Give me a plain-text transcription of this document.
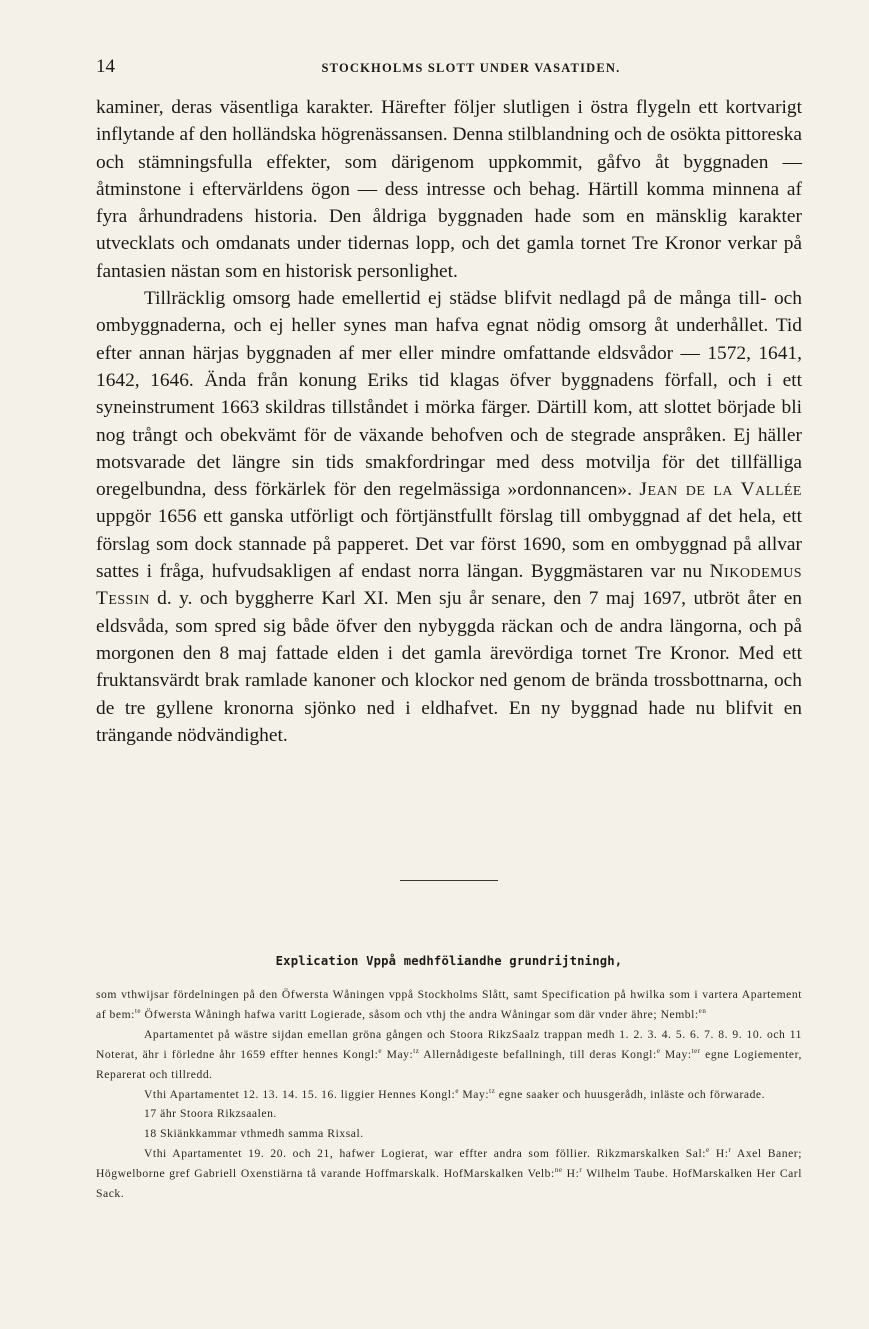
14	STOCKHOLMS SLOTT UNDER VASATIDEN.

kaminer, deras väsentliga karakter. Härefter följer slutligen i östra flygeln ett kortvarigt inflytande af den holländska högrenässansen. Denna stilblandning och de osökta pittoreska och stämningsfulla effekter, som därigenom uppkommit, gåfvo åt byggnaden — åtminstone i eftervärldens ögon — dess intresse och behag. Härtill komma minnena af fyra århundradens historia. Den åldriga byggnaden hade som en mänsklig karakter utvecklats och omdanats under tidernas lopp, och det gamla tornet Tre Kronor verkar på fantasien nästan som en historisk personlighet.

Tillräcklig omsorg hade emellertid ej städse blifvit nedlagd på de många till- och ombyggnaderna, och ej heller synes man hafva egnat nödig omsorg åt underhållet. Tid efter annan härjas byggnaden af mer eller mindre omfattande eldsvådor — 1572, 1641, 1642, 1646. Ända från konung Eriks tid klagas öfver byggnadens förfall, och i ett syneinstrument 1663 skildras tillståndet i mörka färger. Därtill kom, att slottet började bli nog trångt och obekvämt för de växande behofven och de stegrade anspråken. Ej häller motsvarade det längre sin tids smakfordringar med dess motvilja för det tillfälliga oregelbundna, dess förkärlek för den regelmässiga »ordonnancen». Jean de la Vallée uppgör 1656 ett ganska utförligt och förtjänstfullt förslag till ombyggnad af det hela, ett förslag som dock stannade på papperet. Det var först 1690, som en ombyggnad på allvar sattes i fråga, hufvudsakligen af endast norra längan. Byggmästaren var nu Nikodemus Tessin d. y. och byggherre Karl XI. Men sju år senare, den 7 maj 1697, utbröt åter en eldsvåda, som spred sig både öfver den nybyggda räckan och de andra längorna, och på morgonen den 8 maj fattade elden i det gamla ärevördiga tornet Tre Kronor. Med ett fruktansvärdt brak ramlade kanoner och klockor ned genom de brända trossbottnarna, och de tre gyllene kronorna sjönko ned i eldhafvet. En ny byggnad hade nu blifvit en trängande nödvändighet.

Explication Vppå medhföliandhe grundrijtningh,

som vthwijsar fördelningen på den Öfwersta Wåningen vppå Stockholms Slått, samt Specification på hwilka som i vartera Apartement af bem:$^{te}$ Öfwersta Wåningh hafwa varitt Logierade, såsom och vthj the andra Wåningar som där vnder ähre; Nembl:$^{en}$

Apartamentet på wästre sijdan emellan gröna gången och Stoora RikzSaalz trappan medh 1. 2. 3. 4. 5. 6. 7. 8. 9. 10. och 11 Noterat, ähr i förledne åhr 1659 effter hennes Kongl:$^e$ May:$^{tz}$ Allernådigeste befallningh, till deras Kongl:$^e$ May:$^{ter}$ egne Logiementer, Reparerat och tillredd.

Vthi Apartamentet 12. 13. 14. 15. 16. liggier Hennes Kongl:$^e$ May:$^{tz}$ egne saaker och huusgerådh, inläste och förwarade.

17 ähr Stoora Rikzsaalen.

18 Skiänkkammar vthmedh samma Rixsal.

Vthi Apartamentet 19. 20. och 21, hafwer Logierat, war effter andra som föllier. Rikzmarskalken Sal:$^e$ H:$^r$ Axel Baner; Högwelborne gref Gabriell Oxenstiärna tå varande Hoffmarskalk. HofMarskalken Velb:$^{ne}$ H:$^r$ Wilhelm Taube. HofMarskalken Her Carl Sack.
